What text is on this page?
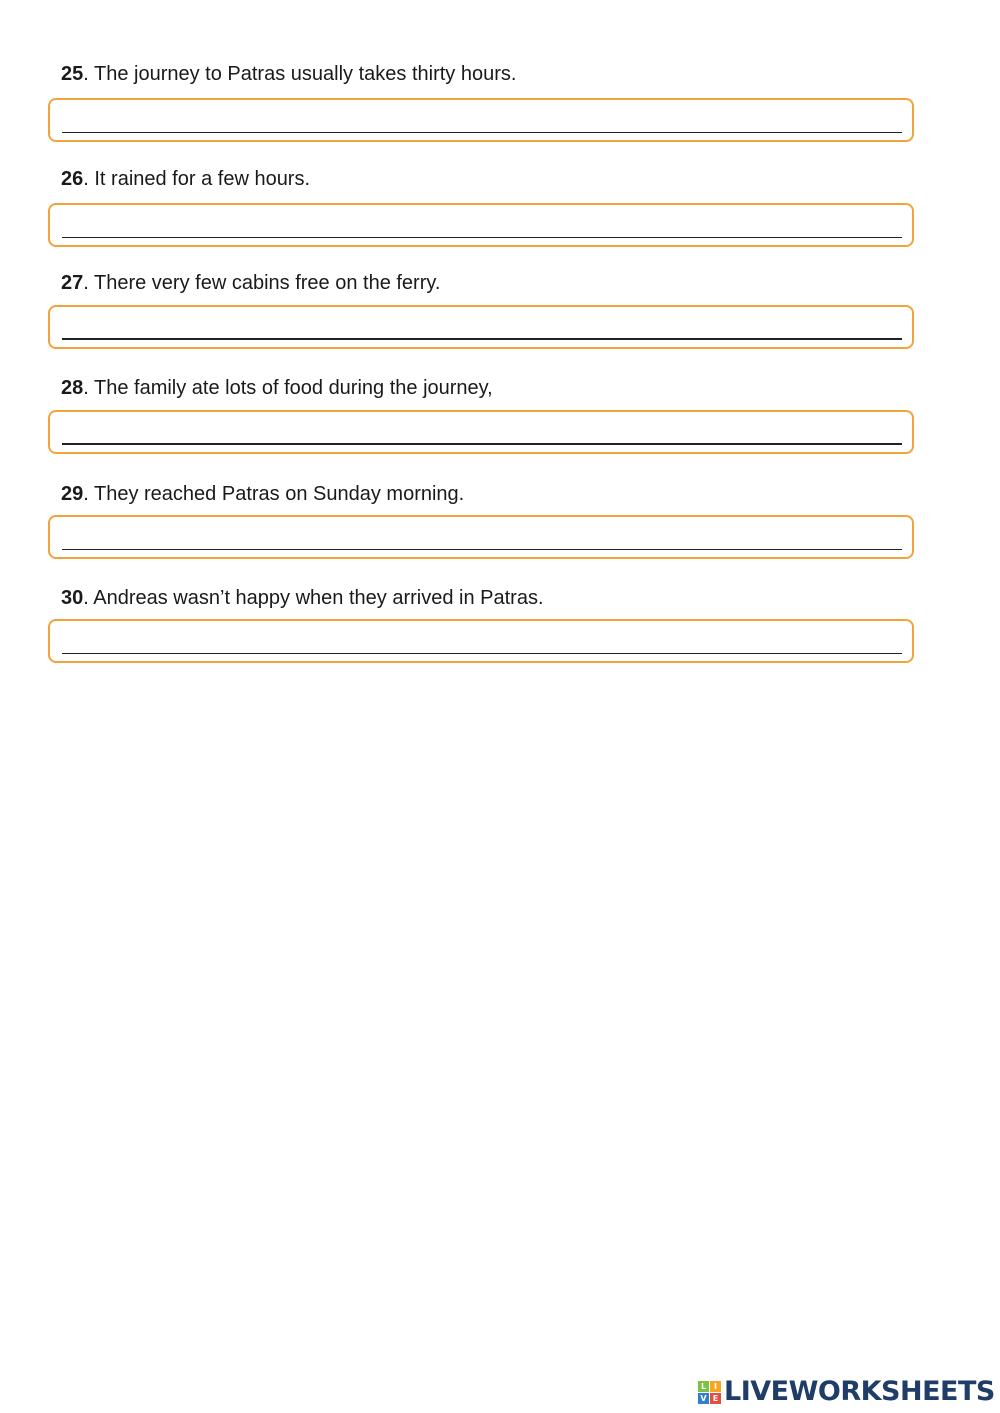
25. The journey to Patras usually takes thirty hours.
26. It rained for a few hours.
27. There very few cabins free on the ferry.
28. The family ate lots of food during the journey,
29. They reached Patras on Sunday morning.
30. Andreas wasn’t happy when they arrived in Patras.
L I
V E LIVEWORKSHEETS
